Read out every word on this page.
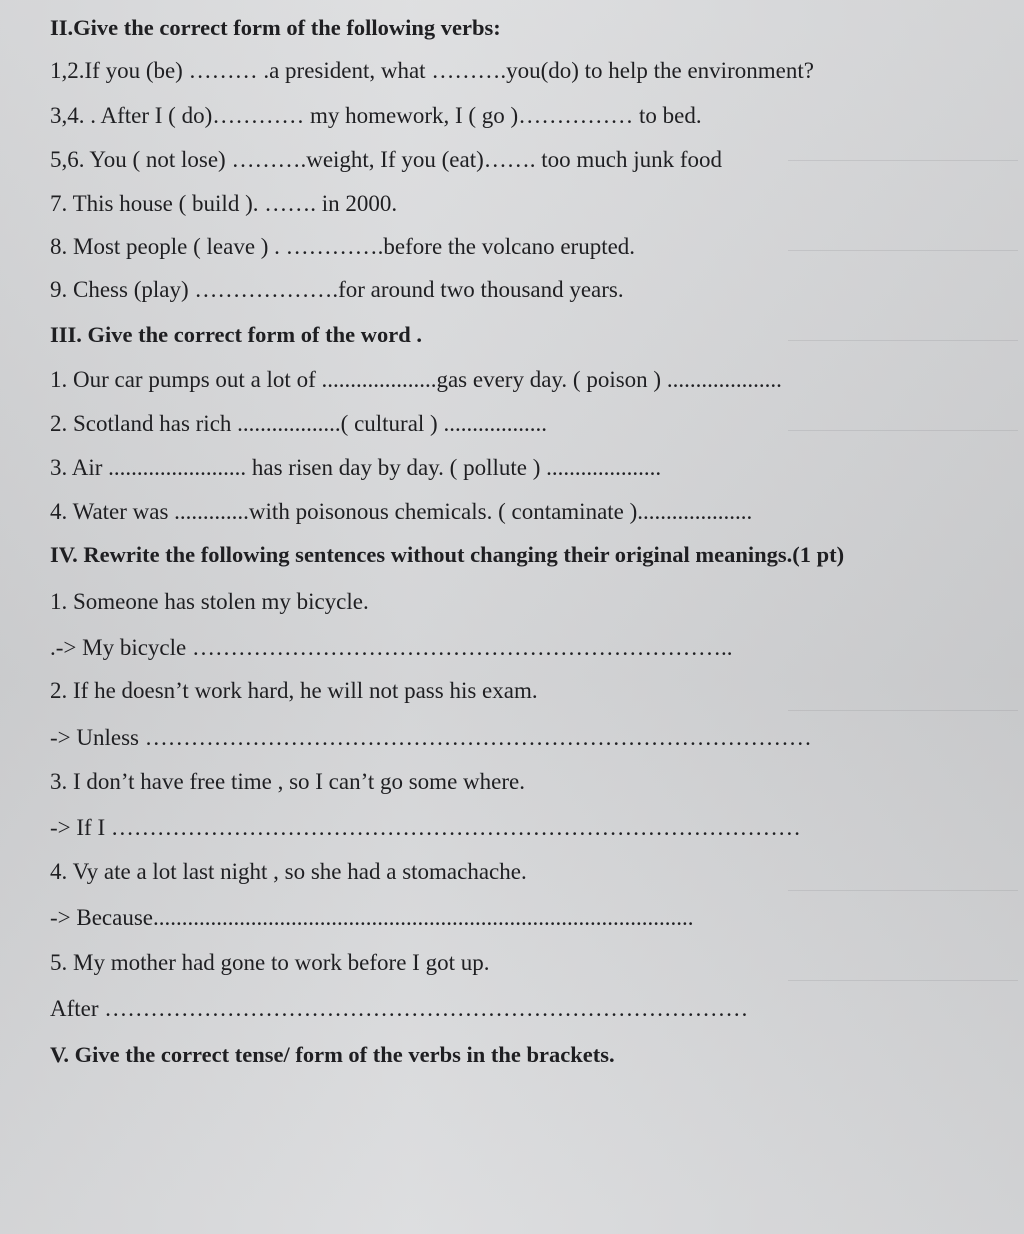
II.Give the correct form of the following verbs:
1,2.If you (be) ……… .a president, what ……….you(do) to help the environment?
3,4. . After I ( do)………… my homework, I ( go )…………… to bed.
5,6. You ( not lose) ……….weight, If you (eat)……. too much junk food
7. This house ( build ). ……. in 2000.
8. Most people ( leave ) . ………….before the volcano erupted.
9. Chess (play) ……………….for around two thousand years.
III. Give the correct form of the word .
1. Our car pumps out a lot of ....................gas every day. ( poison ) ....................
2. Scotland has rich ..................( cultural ) ..................
3. Air ........................ has risen day by day. ( pollute ) ....................
4. Water was .............with poisonous chemicals. ( contaminate )....................
IV. Rewrite the following sentences without changing their original meanings.(1 pt)
1. Someone has stolen my bicycle.
.-> My bicycle ……………………………………………………………..
2. If he doesn’t work hard, he will not pass his exam.
-> Unless ……………………………………………………………………………
3. I don’t have free time , so I can’t go some where.
-> If I ………………………………………………………………………………
4. Vy ate a lot last night , so she had a stomachache.
-> Because..............................................................................................
5. My mother had gone to work before I got up.
After …………………………………………………………………………
V. Give the correct tense/ form of the verbs in the brackets.
